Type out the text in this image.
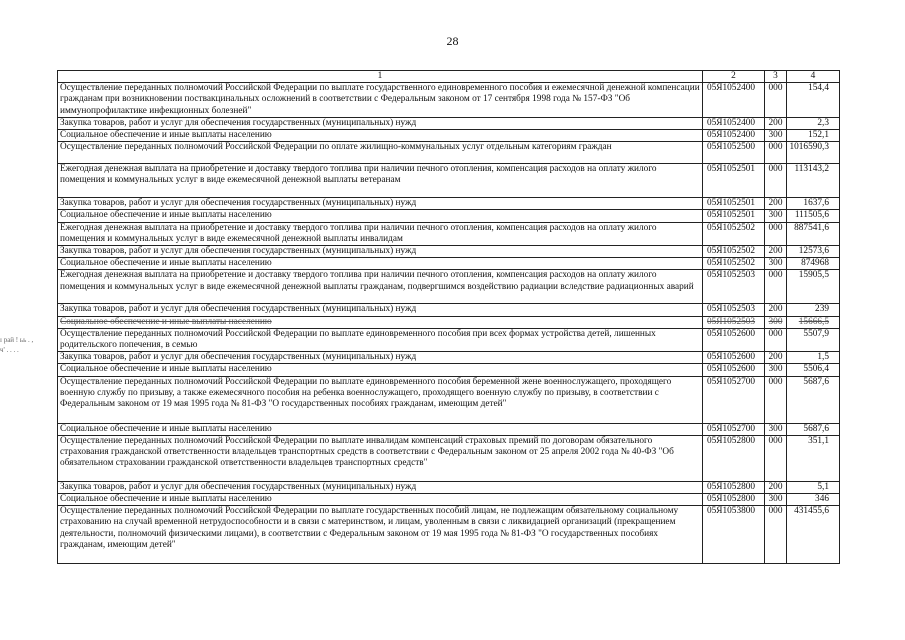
28
ɪ рай ! ьь . ,
ч' . . . .
1	2	3	4
Осуществление переданных полномочий Российской Федерации по выплате государственного единовременного пособия и ежемесячной денежной компенсации гражданам при возникновении поствакцинальных осложнений в соответствии с Федеральным законом от 17 сентября 1998 года № 157-ФЗ "Об иммунопрофилактике инфекционных болезней"	05Я1052400	000	154,4
Закупка товаров, работ и услуг для обеспечения государственных (муниципальных) нужд	05Я1052400	200	2,3
Социальное обеспечение и иные выплаты населению	05Я1052400	300	152,1
Осуществление переданных полномочий Российской Федерации по оплате жилищно-коммунальных услуг отдельным категориям граждан	05Я1052500	000	1016590,3
Ежегодная денежная выплата на приобретение и доставку твердого топлива при наличии печного отопления, компенсация расходов на оплату жилого помещения и коммунальных услуг в виде ежемесячной денежной выплаты ветеранам	05Я1052501	000	113143,2
Закупка товаров, работ и услуг для обеспечения государственных (муниципальных) нужд	05Я1052501	200	1637,6
Социальное обеспечение и иные выплаты населению	05Я1052501	300	111505,6
Ежегодная денежная выплата на приобретение и доставку твердого топлива при наличии печного отопления, компенсация расходов на оплату жилого помещения и коммунальных услуг в виде ежемесячной денежной выплаты инвалидам	05Я1052502	000	887541,6
Закупка товаров, работ и услуг для обеспечения государственных (муниципальных) нужд	05Я1052502	200	12573,6
Социальное обеспечение и иные выплаты населению	05Я1052502	300	874968
Ежегодная денежная выплата на приобретение и доставку твердого топлива при наличии печного отопления, компенсация расходов на оплату жилого помещения и коммунальных услуг в виде ежемесячной денежной выплаты гражданам, подвергшимся воздействию радиации вследствие радиационных аварий	05Я1052503	000	15905,5
Закупка товаров, работ и услуг для обеспечения государственных (муниципальных) нужд	05Я1052503	200	239
Социальное обеспечение и иные выплаты населению	05Я1052503	300	15666,5
Осуществление переданных полномочий Российской Федерации по выплате единовременного пособия при всех формах устройства детей, лишенных родительского попечения, в семью	05Я1052600	000	5507,9
Закупка товаров, работ и услуг для обеспечения государственных (муниципальных) нужд	05Я1052600	200	1,5
Социальное обеспечение и иные выплаты населению	05Я1052600	300	5506,4
Осуществление переданных полномочий Российской Федерации по выплате единовременного пособия беременной жене военнослужащего, проходящего военную службу по призыву, а также ежемесячного пособия на ребенка военнослужащего, проходящего военную службу по призыву, в соответствии с Федеральным законом от 19 мая 1995 года № 81-ФЗ "О государственных пособиях гражданам, имеющим детей"	05Я1052700	000	5687,6
Социальное обеспечение и иные выплаты населению	05Я1052700	300	5687,6
Осуществление переданных полномочий Российской Федерации по выплате инвалидам компенсаций страховых премий по договорам обязательного страхования гражданской ответственности владельцев транспортных средств в соответствии с Федеральным законом от 25 апреля 2002 года № 40-ФЗ "Об обязательном страховании гражданской ответственности владельцев транспортных средств"	05Я1052800	000	351,1
Закупка товаров, работ и услуг для обеспечения государственных (муниципальных) нужд	05Я1052800	200	5,1
Социальное обеспечение и иные выплаты населению	05Я1052800	300	346
Осуществление переданных полномочий Российской Федерации по выплате государственных пособий лицам, не подлежащим обязательному социальному страхованию на случай временной нетрудоспособности и в связи с материнством, и лицам, уволенным в связи с ликвидацией организаций (прекращением деятельности, полномочий физическими лицами), в соответствии с Федеральным законом от 19 мая 1995 года № 81-ФЗ "О государственных пособиях гражданам, имеющим детей"	05Я1053800	000	431455,6
